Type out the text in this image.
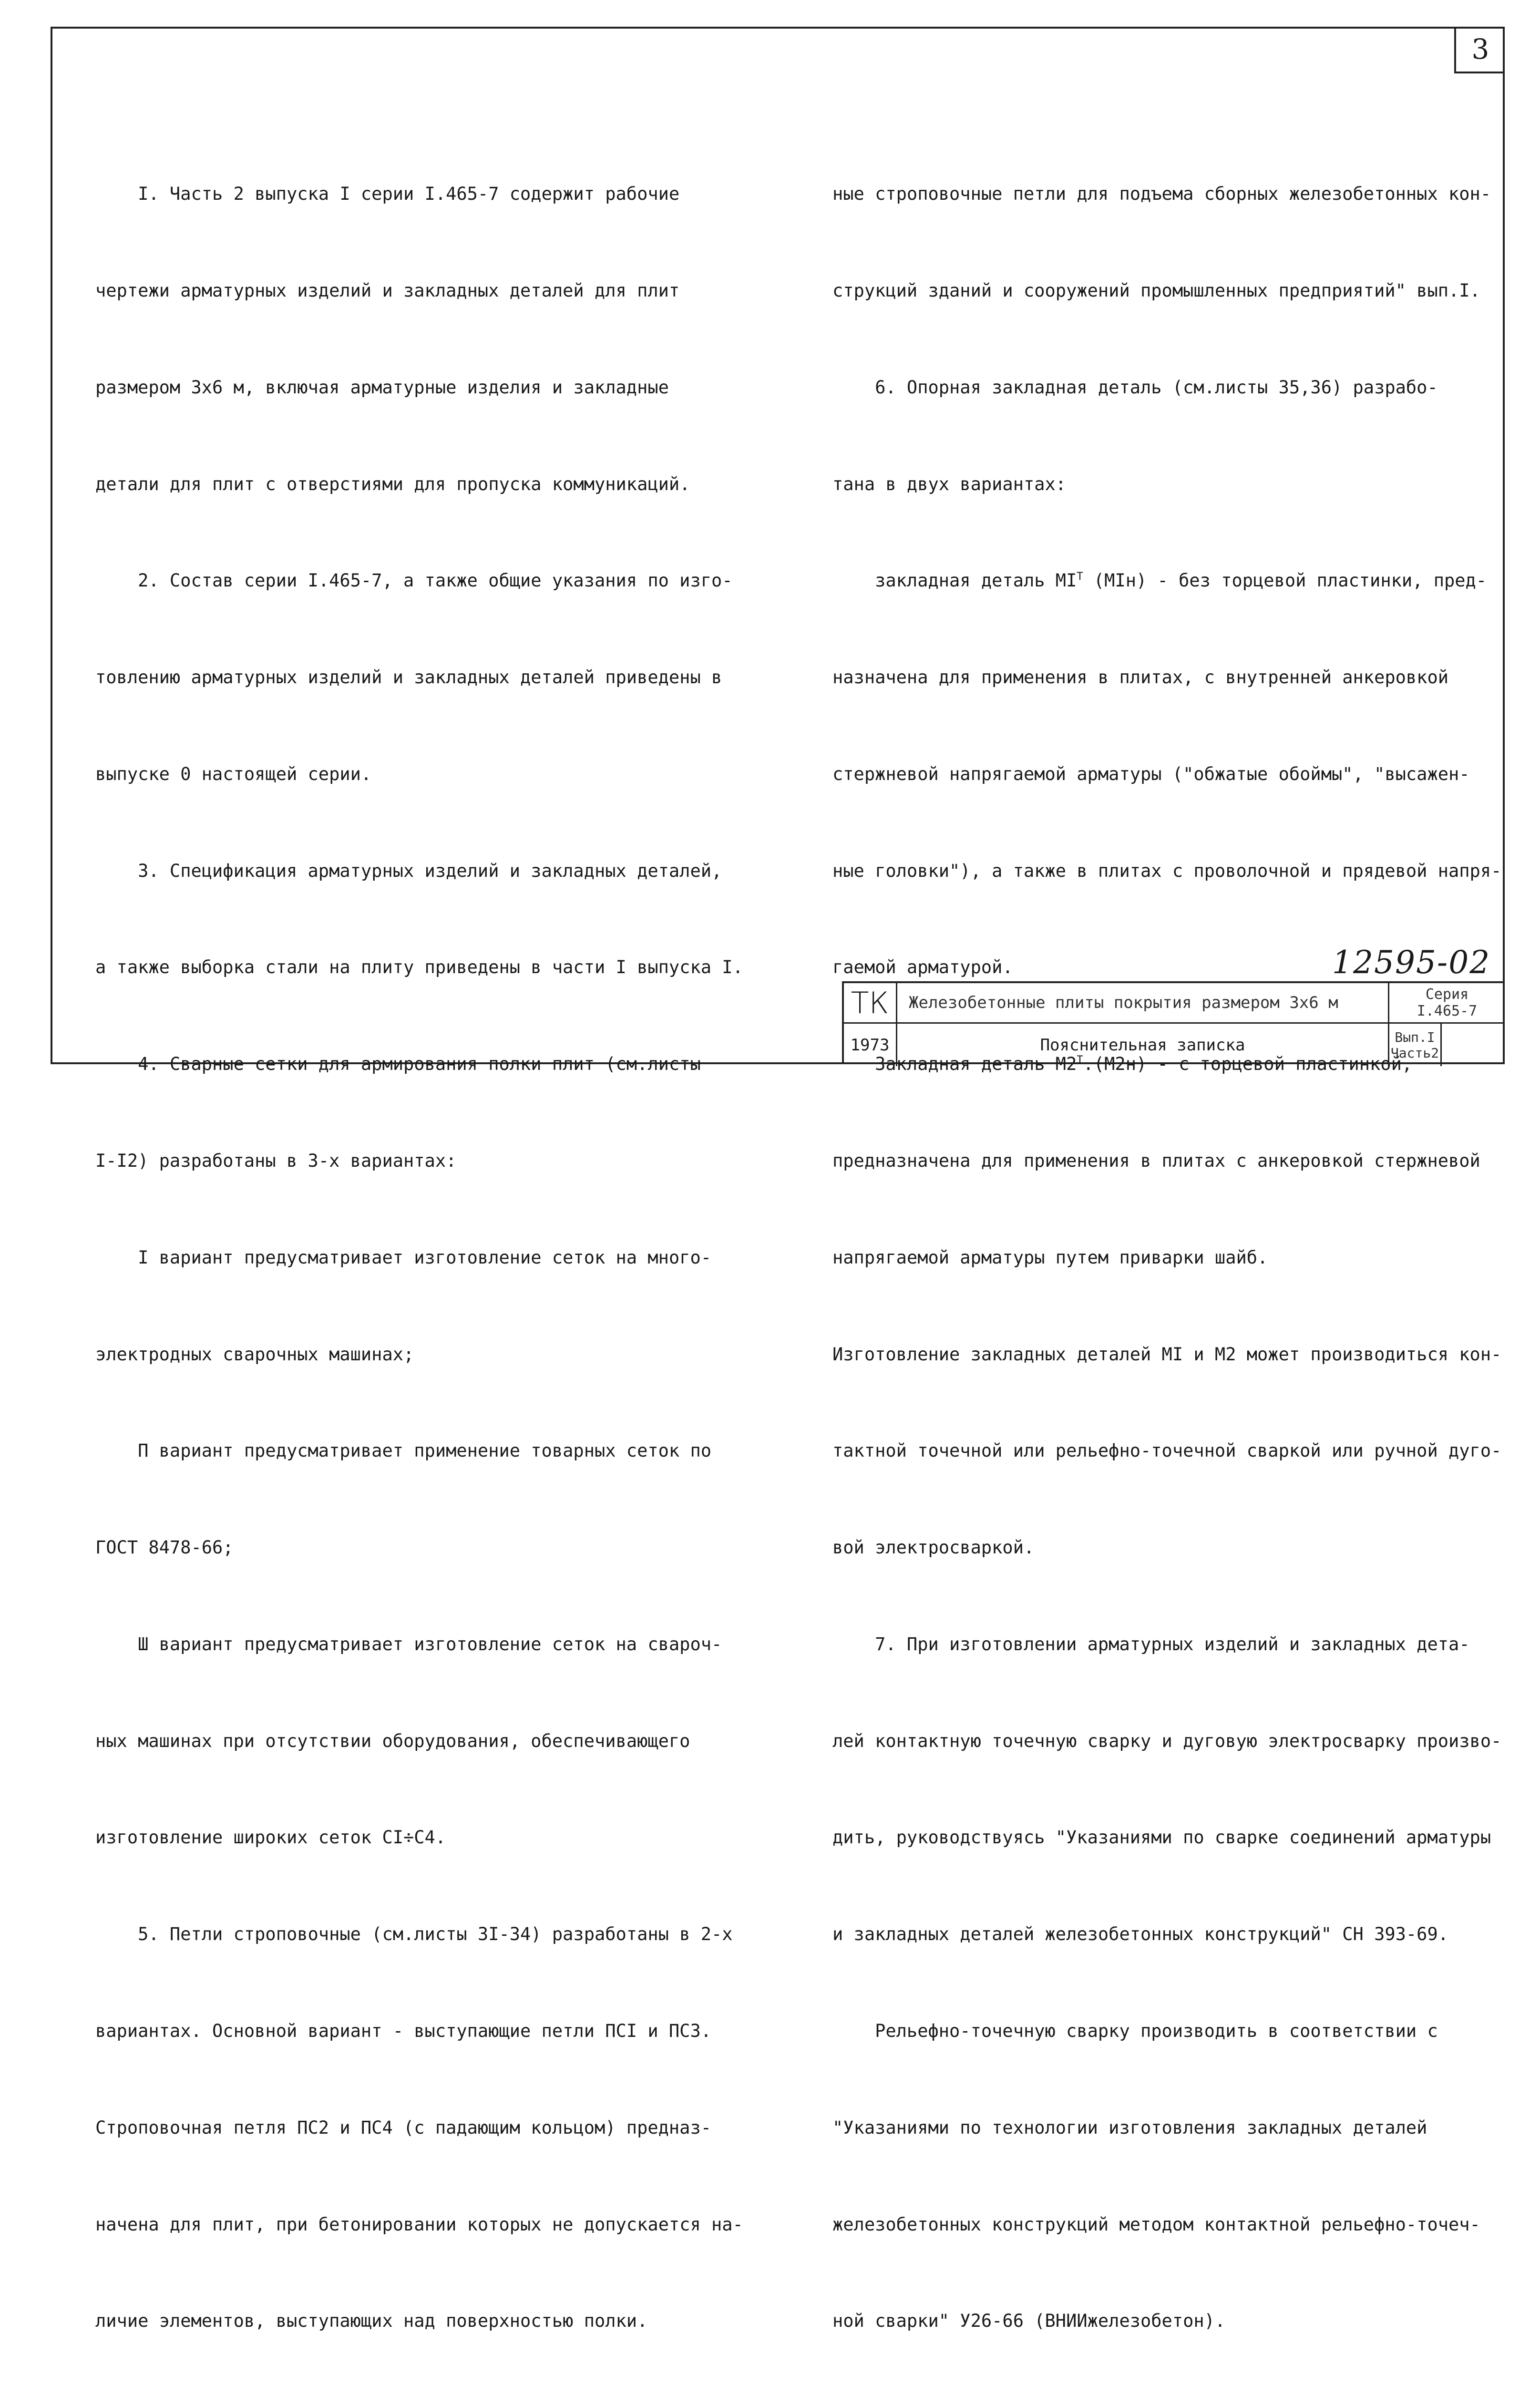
3

I. Часть 2 выпуска I серии I.465-7 содержит рабочие

чертежи арматурных изделий и закладных деталей для плит

размером 3х6 м, включая арматурные изделия и закладные

детали для плит с отверстиями для пропуска коммуникаций.

2. Состав серии I.465-7, а также общие указания по изго-

товлению арматурных изделий и закладных деталей приведены в

выпуске 0 настоящей серии.

3. Спецификация арматурных изделий и закладных деталей,

а также выборка стали на плиту приведены в части I выпуска I.

4. Сварные сетки для армирования полки плит (см.листы

I-I2) разработаны в 3-х вариантах:

I вариант предусматривает изготовление сеток на много-

электродных сварочных машинах;

П вариант предусматривает применение товарных сеток по

ГОСТ 8478-66;

Ш вариант предусматривает изготовление сеток на свароч-

ных машинах при отсутствии оборудования, обеспечивающего

изготовление широких сеток CI÷C4.

5. Петли строповочные (см.листы 3I-34) разработаны в 2-х

вариантах. Основной вариант - выступающие петли ПСI и ПС3.

Строповочная петля ПС2 и ПС4 (с падающим кольцом) предназ-

начена для плит, при бетонировании которых не допускается на-

личие элементов, выступающих над поверхностью полки.

ные строповочные петли для подъема сборных железобетонных кон-

струкций зданий и сооружений промышленных предприятий" вып.I.

6. Опорная закладная деталь (см.листы 35,36) разрабо-

тана в двух вариантах:

закладная деталь $МI^Т$ (МIн) - без торцевой пластинки, пред-

назначена для применения в плитах, с внутренней анкеровкой

стержневой напрягаемой арматуры ("обжатые обоймы", "высажен-

ные головки"), а также в плитах с проволочной и прядевой напря-

гаемой арматурой.

Закладная деталь $М2^Т.(М2н)$ - с торцевой пластинкой,

предназначена для применения в плитах с анкеровкой стержневой

напрягаемой арматуры путем приварки шайб.

Изготовление закладных деталей МI и М2 может производиться кон-

тактной точечной или рельефно-точечной сваркой или ручной дуго-

вой электросваркой.

7. При изготовлении арматурных изделий и закладных дета-

лей контактную точечную сварку и дуговую электросварку произво-

дить, руководствуясь "Указаниями по сварке соединений арматуры

и закладных деталей железобетонных конструкций" СН 393-69.

Рельефно-точечную сварку производить в соответствии с

"Указаниями по технологии изготовления закладных деталей

железобетонных конструкций методом контактной рельефно-точеч-

ной сварки" У26-66 (ВНИИжелезобетон).

12595-02
ТК
1973
Железобетонные плиты покрытия размером 3х6 м
Пояснительная записка
Серия
I.465-7
Вып.I
Часть2
